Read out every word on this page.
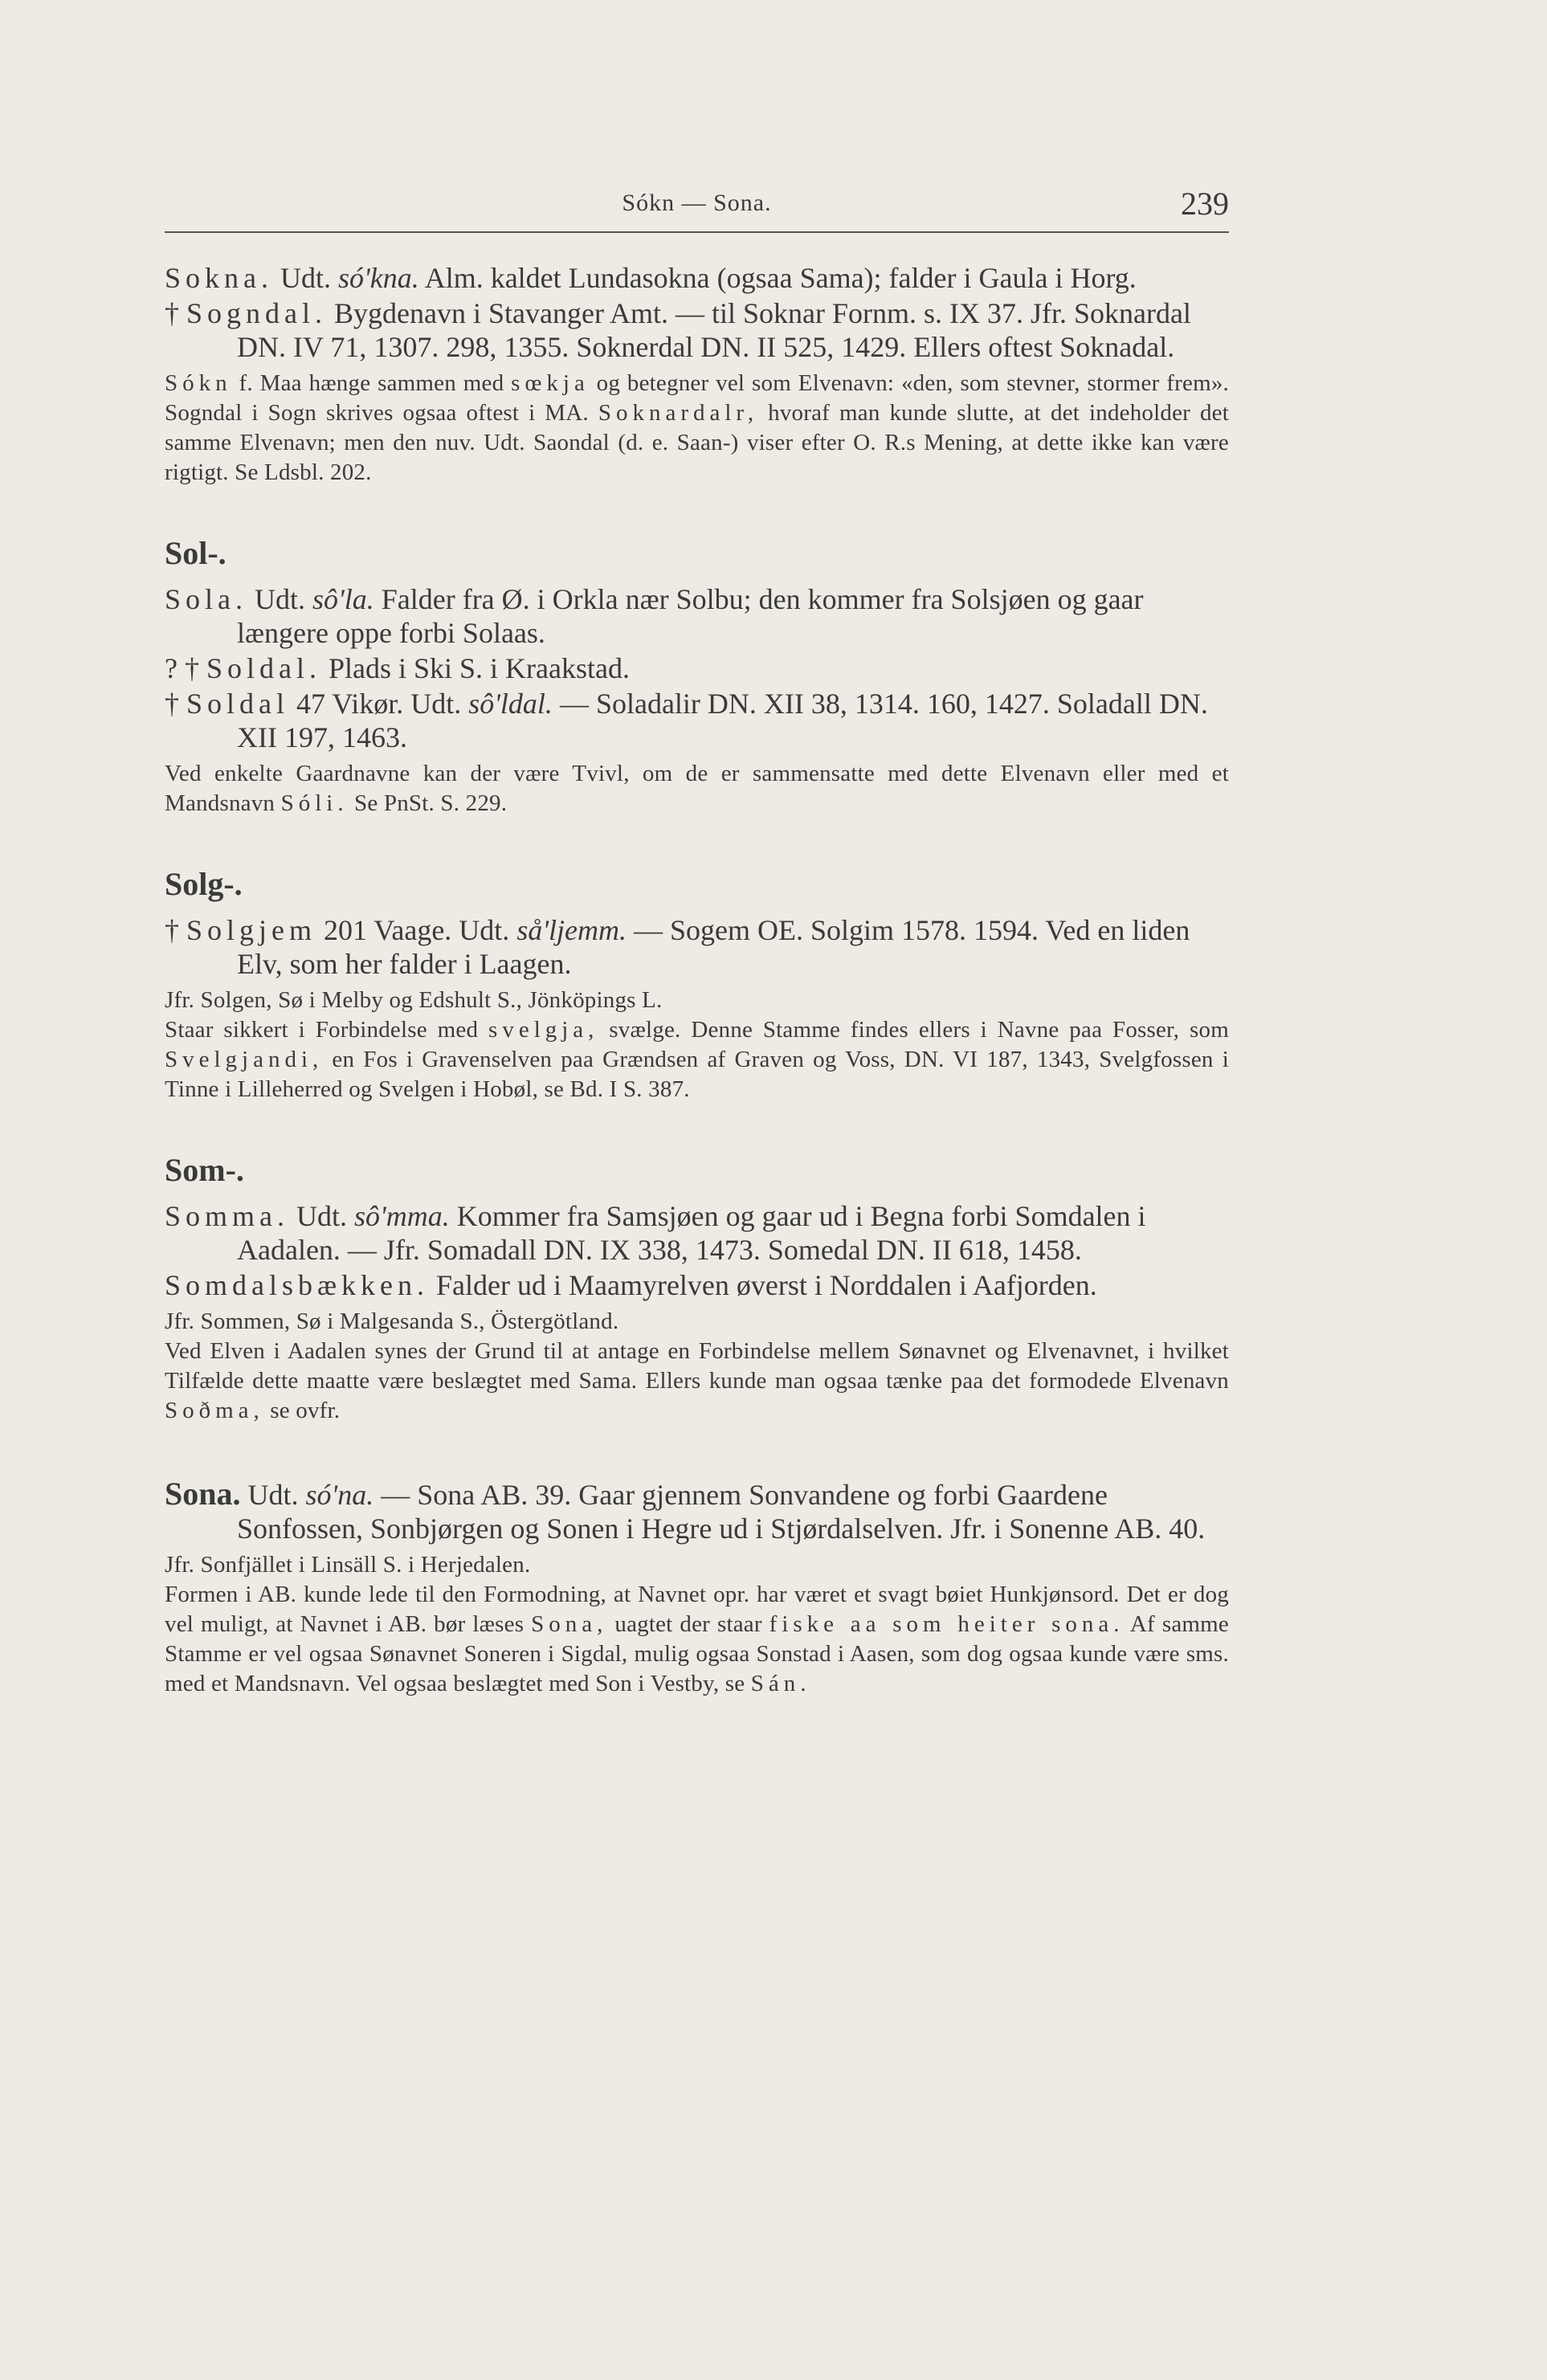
Sókn — Sona.	239

Sokna. Udt. só'kna. Alm. kaldet Lundasokna (ogsaa Sama); falder i Gaula i Horg.

† Sogndal. Bygdenavn i Stavanger Amt. — til Soknar Fornm. s. IX 37. Jfr. Soknardal DN. IV 71, 1307. 298, 1355. Soknerdal DN. II 525, 1429. Ellers oftest Soknadal.

Sókn f. Maa hænge sammen med sœkja og betegner vel som Elvenavn: «den, som stevner, stormer frem». Sogndal i Sogn skrives ogsaa oftest i MA. Soknardalr, hvoraf man kunde slutte, at det indeholder det samme Elvenavn; men den nuv. Udt. Saondal (d. e. Saan-) viser efter O. R.s Mening, at dette ikke kan være rigtigt. Se Ldsbl. 202.

Sol-.

Sola. Udt. sô'la. Falder fra Ø. i Orkla nær Solbu; den kommer fra Solsjøen og gaar længere oppe forbi Solaas.

? † Soldal. Plads i Ski S. i Kraakstad.

† Soldal 47 Vikør. Udt. sô'ldal. — Soladalir DN. XII 38, 1314. 160, 1427. Soladall DN. XII 197, 1463.

Ved enkelte Gaardnavne kan der være Tvivl, om de er sammensatte med dette Elvenavn eller med et Mandsnavn Sóli. Se PnSt. S. 229.

Solg-.

† Solgjem 201 Vaage. Udt. så'ljemm. — Sogem OE. Solgim 1578. 1594. Ved en liden Elv, som her falder i Laagen.

Jfr. Solgen, Sø i Melby og Edshult S., Jönköpings L.

Staar sikkert i Forbindelse med svelgja, svælge. Denne Stamme findes ellers i Navne paa Fosser, som Svelgjandi, en Fos i Gravenselven paa Grændsen af Graven og Voss, DN. VI 187, 1343, Svelgfossen i Tinne i Lilleherred og Svelgen i Hobøl, se Bd. I S. 387.

Som-.

Somma. Udt. sô'mma. Kommer fra Samsjøen og gaar ud i Begna forbi Somdalen i Aadalen. — Jfr. Somadall DN. IX 338, 1473. Somedal DN. II 618, 1458.

Somdalsbækken. Falder ud i Maamyrelven øverst i Norddalen i Aafjorden.

Jfr. Sommen, Sø i Malgesanda S., Östergötland.

Ved Elven i Aadalen synes der Grund til at antage en Forbindelse mellem Sønavnet og Elvenavnet, i hvilket Tilfælde dette maatte være beslægtet med Sama. Ellers kunde man ogsaa tænke paa det formodede Elvenavn Soðma, se ovfr.

Sona. Udt. só'na. — Sona AB. 39. Gaar gjennem Sonvandene og forbi Gaardene Sonfossen, Sonbjørgen og Sonen i Hegre ud i Stjørdalselven. Jfr. i Sonenne AB. 40.

Jfr. Sonfjället i Linsäll S. i Herjedalen.

Formen i AB. kunde lede til den Formodning, at Navnet opr. har været et svagt bøiet Hunkjønsord. Det er dog vel muligt, at Navnet i AB. bør læses Sona, uagtet der staar fiske aa som heiter sona. Af samme Stamme er vel ogsaa Sønavnet Soneren i Sigdal, mulig ogsaa Sonstad i Aasen, som dog ogsaa kunde være sms. med et Mandsnavn. Vel ogsaa beslægtet med Son i Vestby, se Sán.
